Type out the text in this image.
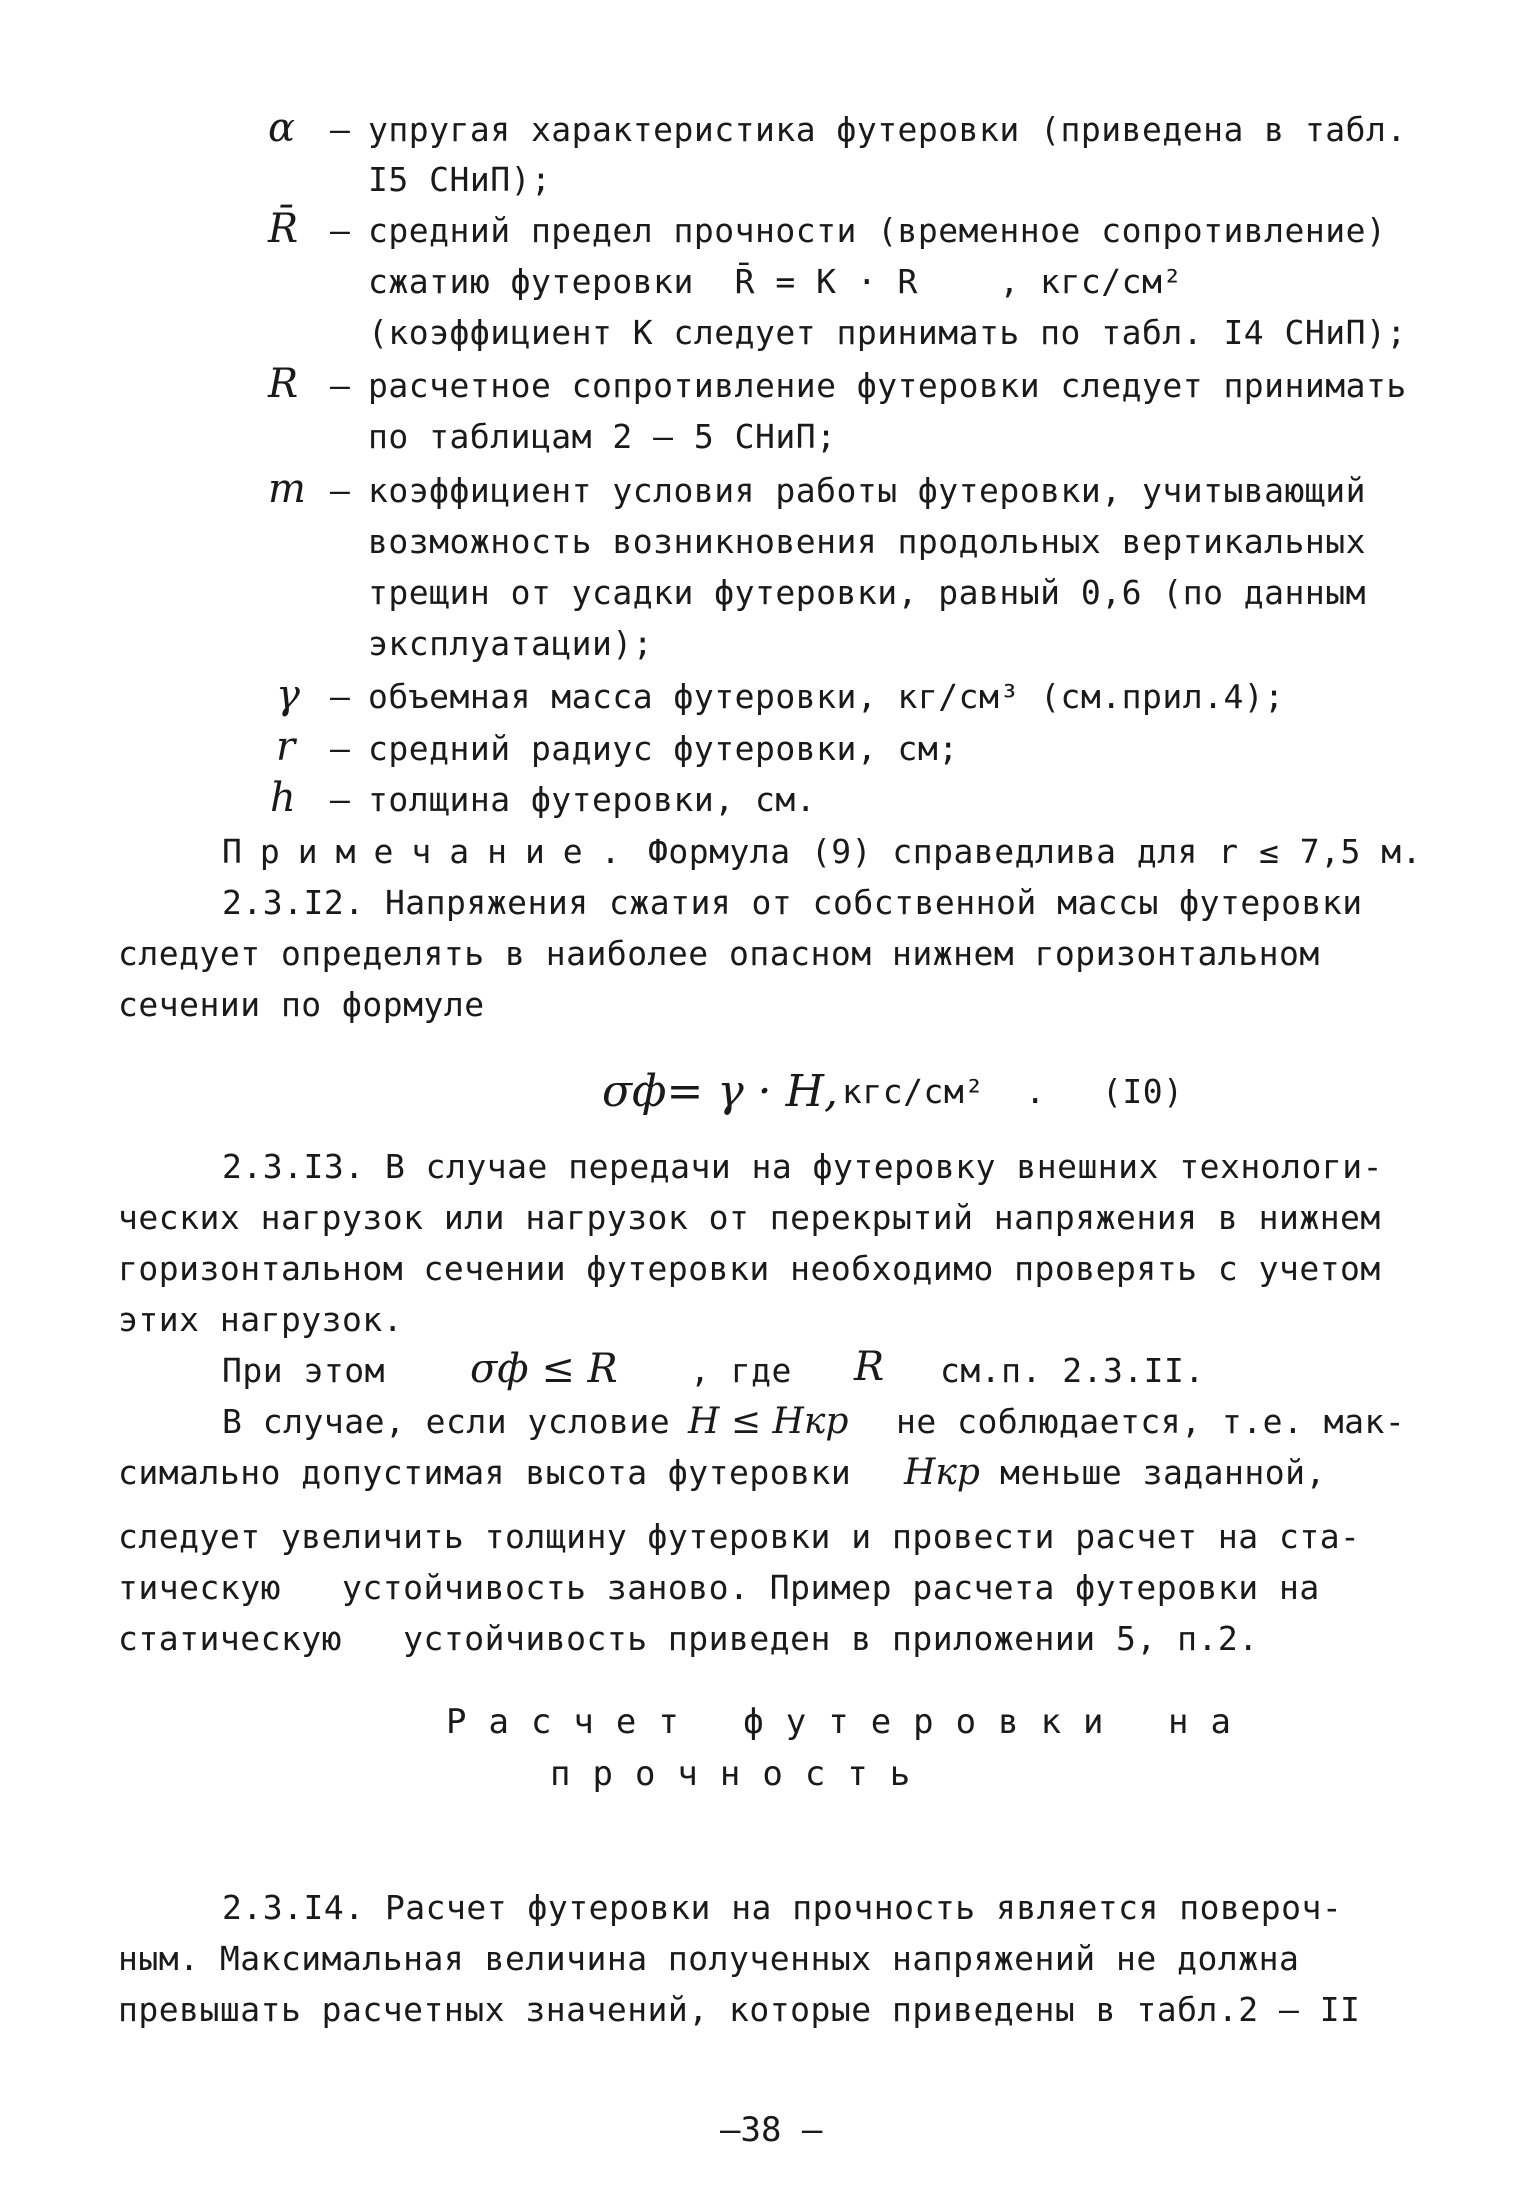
α – упругая характеристика футеровки (приведена в табл.
I5 СНиП);
R̄ – средний предел прочности (временное сопротивление)
сжатию футеровки  R̄ = K · R    , кгс/см²
(коэффициент К следует принимать по табл. I4 СНиП);
R – расчетное сопротивление футеровки следует принимать
по таблицам 2 – 5 СНиП;
m – коэффициент условия работы футеровки, учитывающий
возможность возникновения продольных вертикальных
трещин от усадки футеровки, равный 0,6 (по данным
эксплуатации);
γ – объемная масса футеровки, кг/см³ (см.прил.4);
r – средний радиус футеровки, см;
h – толщина футеровки, см.
Примечание. Формула (9) справедлива для r ≤ 7,5 м.
2.3.I2. Напряжения сжатия от собственной массы футеровки
следует определять в наиболее опасном нижнем горизонтальном
сечении по формуле
σф= γ · H, кгс/см²  . (I0)
2.3.I3. В случае передачи на футеровку внешних технологи-
ческих нагрузок или нагрузок от перекрытий напряжения в нижнем
горизонтальном сечении футеровки необходимо проверять с учетом
этих нагрузок.
При этом σф ≤ R , где R см.п. 2.3.II.
В случае, если условие H ≤ Hкр не соблюдается, т.е. мак-
симально допустимая высота футеровки Hкр меньше заданной,
следует увеличить толщину футеровки и провести расчет на ста-
тическую   устойчивость заново. Пример расчета футеровки на
статическую   устойчивость приведен в приложении 5, п.2.
Расчет футеровки на
прочность
2.3.I4. Расчет футеровки на прочность является повероч-
ным. Максимальная величина полученных напряжений не должна
превышать расчетных значений, которые приведены в табл.2 – II
–38 –
